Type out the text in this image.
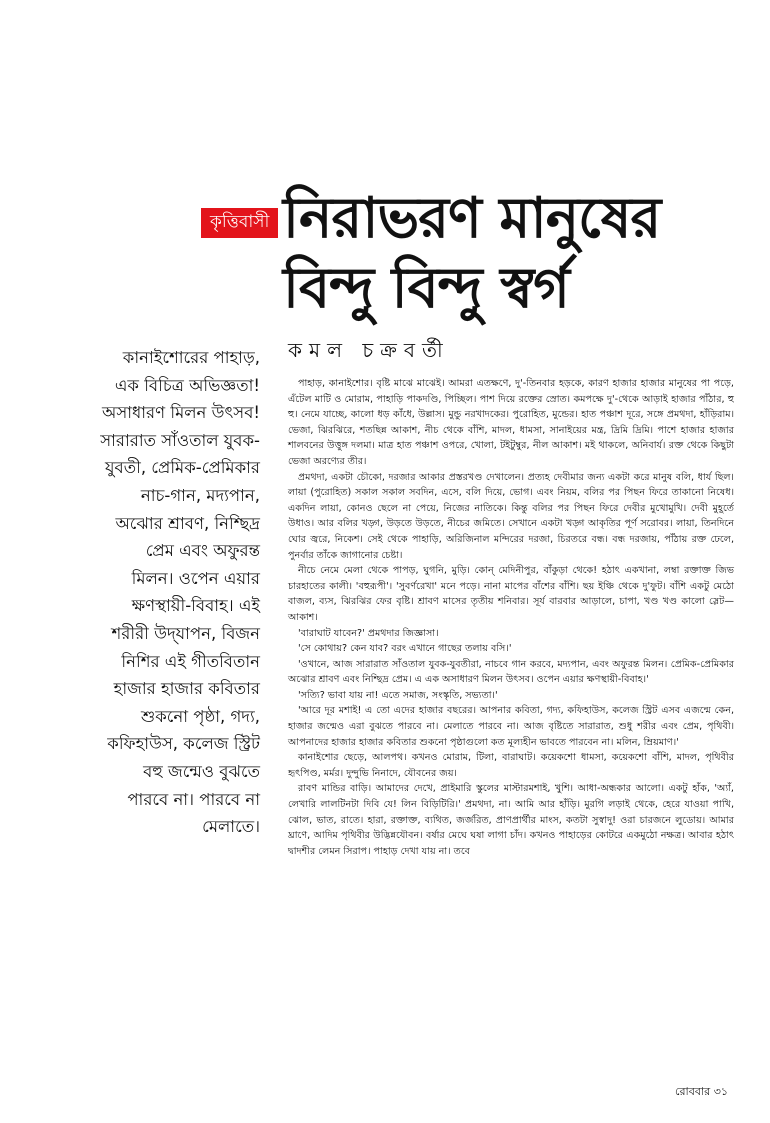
কৃত্তিবাসী নিরাভরণ মানুষের
বিন্দু বিন্দু স্বর্গ
কমল চক্রবর্তী
কানাইশোরের পাহাড়,
এক বিচিত্র অভিজ্ঞতা!
অসাধারণ মিলন উৎসব!
সারারাত সাঁওতাল যুবক-
যুবতী, প্রেমিক-প্রেমিকার
নাচ-গান, মদ্যপান,
অঝোর শ্রাবণ, নিশ্ছিদ্র
প্রেম এবং অফুরন্ত
মিলন। ওপেন এয়ার
ক্ষণস্থায়ী-বিবাহ। এই
শরীরী উদ্‌যাপন, বিজন
নিশির এই গীতবিতান
হাজার হাজার কবিতার
শুকনো পৃষ্ঠা, গদ্য,
কফিহাউস, কলেজ স্ট্রিট
বহু জন্মেও বুঝতে
পারবে না। পারবে না
মেলাতে।

পাহাড়, কানাইশোর। বৃষ্টি মাঝে মাঝেই। আমরা এতক্ষণে, দু'-তিনবার হড়কে, কারণ হাজার হাজার মানুষের পা পড়ে, এঁটেল মাটি ও মোরাম, পাহাড়ি পাকদণ্ডি, পিচ্ছিল। পাশ দিয়ে রক্তের স্রোত। কমপক্ষে দু'-থেকে আড়াই হাজার পাঁঠার, হু হু। নেমে যাচ্ছে, কালো ধড় কাঁধে, উল্লাস। মুন্ডু নরখাদকের। পুরোহিত, মুন্ডের। হাত পঞ্চাশ দূরে, সঙ্গে প্রমথদা, হাঁড়িরাম। ভেজা, ঝিরঝিরে, শতছিন্ন আকাশ, নীচ থেকে বাঁশি, মাদল, ধামসা, সানাইয়ের মন্ত্র, দ্রিমি দ্রিমি। পাশে হাজার হাজার শালবনের উত্তুঙ্গ দলমা। মাত্র হাত পঞ্চাশ ওপরে, খোলা, টইটুম্বুর, নীল আকাশ। মই থাকলে, অনিবার্য। রক্ত থেকে কিছুটা ভেজা অরণ্যের তীর।

প্রমথদা, একটা চৌকো, দরজার আকার প্রস্তরখণ্ড দেখালেন। প্রত্যহ দেবীমার জন্য একটা করে মানুষ বলি, ধার্য ছিল। লায়া (পুরোহিত) সকাল সকাল সবদিন, এসে, বলি দিয়ে, ভোগ। এবং নিয়ম, বলির পর পিছন ফিরে তাকানো নিষেধ। একদিন লায়া, কোনও ছেলে না পেয়ে, নিজের নাতিকে। কিন্তু বলির পর পিছন ফিরে দেবীর মুখোমুখি। দেবী মুহূর্তে উধাও। আর বলির খড়্গ, উড়তে উড়তে, নীচের জমিতে। সেখানে একটা খড়্গ আকৃতির পূর্ণ সরোবর। লায়া, তিনদিনে ঘোর জ্বরে, নিকেশ। সেই থেকে পাহাড়ি, অরিজিনাল মন্দিরের দরজা, চিরতরে বন্ধ। বন্ধ দরজায়, পাঁঠায় রক্ত ঢেলে, পুনর্বার তাঁকে জাগানোর চেষ্টা।

নীচে নেমে মেলা থেকে পাপড়, ঘুগনি, মুড়ি। কোন্ মেদিনীপুর, বাঁকুড়া থেকে! হঠাৎ একখানা, লম্বা রক্তাক্ত জিভ চারহাতের কালী। 'বহুরূপী'। 'সুবর্ণরেখা' মনে পড়ে। নানা মাপের বাঁশের বাঁশি। ছয় ইঞ্চি থেকে দু'ফুট। বাঁশি একটু মেঠো বাজল, ব্যস, ঝিরঝির ফের বৃষ্টি। শ্রাবণ মাসের তৃতীয় শনিবার। সূর্য বারবার আড়ালে, চাপা, খণ্ড খণ্ড কালো স্লেট—আকাশ।

'বারাঘাট যাবেন?' প্রমথদার জিজ্ঞাসা।

'সে কোথায়? কেন যাব? বরং এখানে গাছের তলায় বসি।'

'ওখানে, আজ সারারাত সাঁওতাল যুবক-যুবতীরা, নাচবে গান করবে, মদ্যপান, এবং অফুরন্ত মিলন। প্রেমিক-প্রেমিকার অঝোর শ্রাবণ এবং নিশ্ছিদ্র প্রেম। এ এক অসাধারণ মিলন উৎসব। ওপেন এয়ার ক্ষণস্থায়ী-বিবাহ।'

'সত্যি? ভাবা যায় না! এতে সমাজ, সংস্কৃতি, সভ্যতা।'

'আরে দূর মশাই! এ তো এদের হাজার বছরের। আপনার কবিতা, গদ্য, কফিহাউস, কলেজ স্ট্রিট এসব এজন্মে কেন, হাজার জন্মেও এরা বুঝতে পারবে না। মেলাতে পারবে না। আজ বৃষ্টিতে সারারাত, শুধু শরীর এবং প্রেম, পৃথিবী। আপনাদের হাজার হাজার কবিতার শুকনো পৃষ্ঠাগুলো কত মূল্যহীন ভাবতে পারবেন না। মলিন, ম্রিয়মাণ।'

কানাইশোর ছেড়ে, আলপথ। কখনও মোরাম, টিলা, বারাঘাট। কয়েকশো ধামসা, কয়েকশো বাঁশি, মাদল, পৃথিবীর হৃৎপিণ্ড, মর্মর। দুন্দুভি নিনাদে, যৌবনের জয়।

রাবণ মান্ডির বাড়ি। আমাদের দেখে, প্রাইমারি স্কুলের মাস্টারমশাই, খুশি। আধা-অন্ধকার আলো। একটু হাঁক, 'অ্যাঁ, লেখারি লালটিনটা দিবি যে! লিন বিড়িটিরি।' প্রমথদা, না। আমি আর হাঁড়ি। মুরগি লড়াই থেকে, হেরে যাওয়া পাখি, ঝোল, ভাত, রাতে। হারা, রক্তাক্ত, ব্যথিত, জর্জরিত, প্রাণপ্রার্থীর মাংস, কতটা সুস্বাদু! ওরা চারজনে লুডোয়। আমার ঘ্রাণে, আদিম পৃথিবীর উদ্ভিন্নযৌবন। বর্ষার মেঘে ঘষা লাগা চাঁদ। কখনও পাহাড়ের কোটরে একমুঠো নক্ষত্র। আবার হঠাৎ দ্বাদশীর লেমন সিরাপ। পাহাড় দেখা যায় না। তবে

রোববার ৩১
